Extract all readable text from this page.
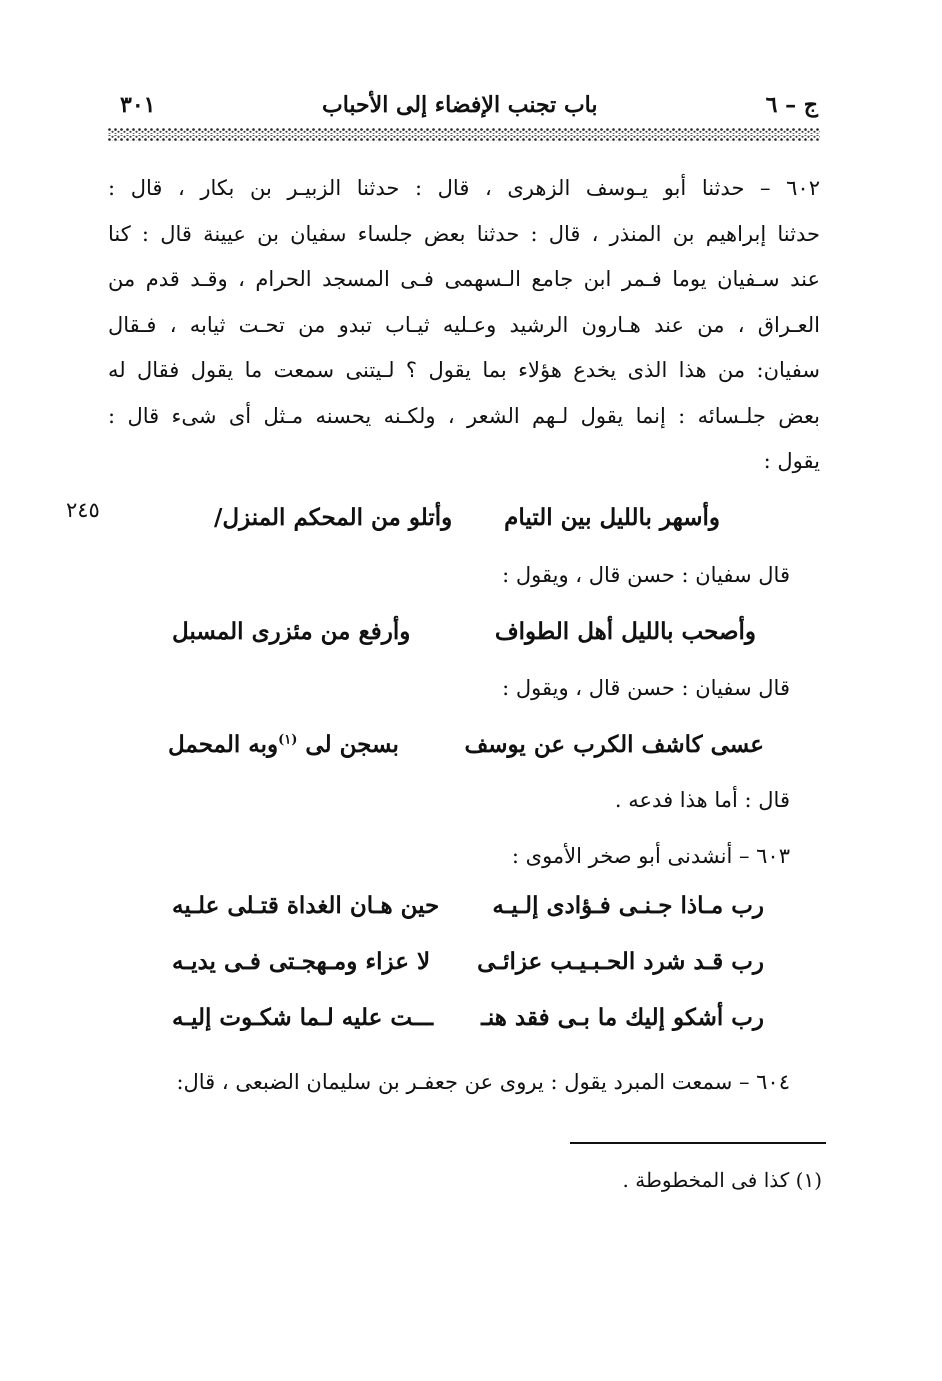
ج – ٦
باب تجنب الإفضاء إلى الأحباب
٣٠١
٦٠٢ – حدثنا أبو يـوسف الزهرى ، قال : حدثنا الزبيـر بن بكار ، قال :
حدثنا إبراهيم بن المنذر ، قال : حدثنا بعض جلساء سفيان بن عيينة قال : كنا
عند سـفيان يوما فـمر ابن جامع الـسهمى فـى المسجد الحرام ، وقـد قدم من
العـراق ، من عند هـارون الرشيد وعـليه ثيـاب تبدو من تحـت ثيابه ، فـقال
سفيان: من هذا الذى يخدع هؤلاء بما يقول ؟ لـيتنى سمعت ما يقول فقال له
بعض جلـسائه : إنما يقول لـهم الشعر ، ولكـنه يحسنه مـثل أى شىء قال :
يقول :
٢٤٥	وأسهر بالليل بين التيام
وأتلو من المحكم المنزل/
قال سفيان : حسن قال ، ويقول :
وأصحب بالليل أهل الطواف
وأرفع من مئزرى المسبل
قال سفيان : حسن قال ، ويقول :
عسى كاشف الكرب عن يوسف
بسجن لى $^{(١)}$وبه المحمل
قال : أما هذا فدعه .
٦٠٣ – أنشدنى أبو صخر الأموى :
رب مـاذا جـنـى فـؤادى إلـيـه
حين هـان الغداة قتـلى علـيه
رب قـد شرد الحـبـيـب عزائـى
لا عزاء ومـهجـتى فـى يديـه
رب أشكو إليك ما بـى فقد هنـ
ـــت عليه لـما شكـوت إليـه
٦٠٤ – سمعت المبرد يقول : يروى عن جعفـر بن سليمان الضبعى ، قال:
(١) كذا فى المخطوطة .
